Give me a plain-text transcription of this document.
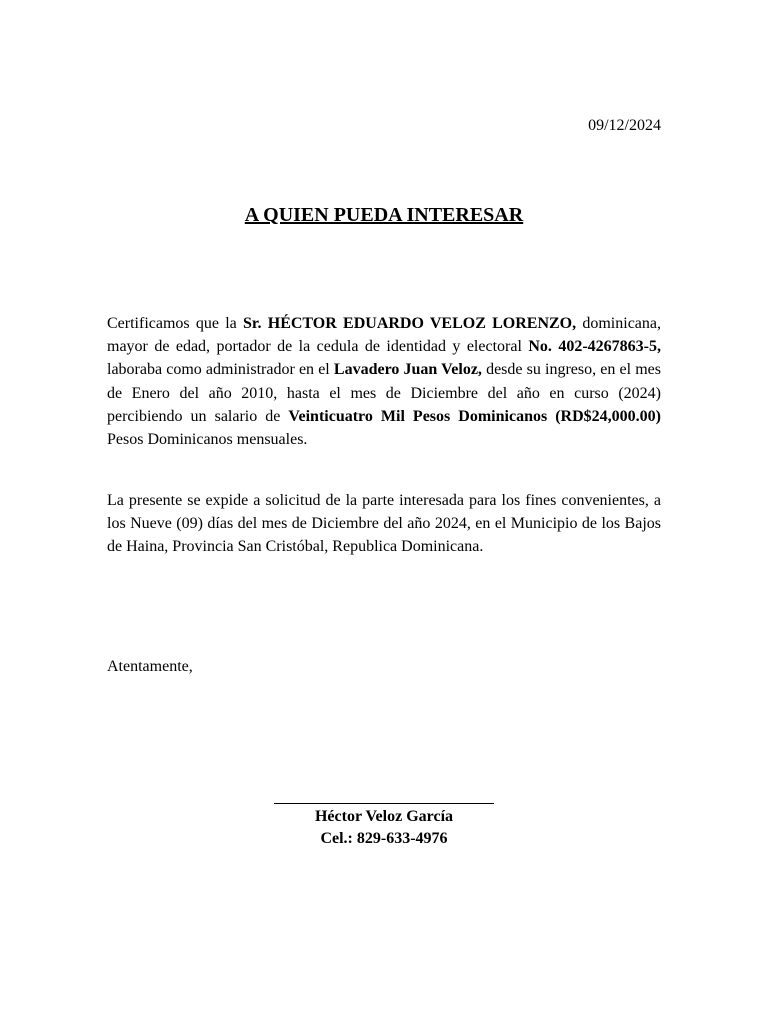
09/12/2024
A QUIEN PUEDA INTERESAR

Certificamos que la Sr. HÉCTOR EDUARDO VELOZ LORENZO, dominicana, mayor de edad, portador de la cedula de identidad y electoral No. 402-4267863-5, laboraba como administrador en el Lavadero Juan Veloz, desde su ingreso, en el mes de Enero del año 2010, hasta el mes de Diciembre del año en curso (2024) percibiendo un salario de Veinticuatro Mil Pesos Dominicanos (RD$24,000.00) Pesos Dominicanos mensuales.

La presente se expide a solicitud de la parte interesada para los fines convenientes, a los Nueve (09) días del mes de Diciembre del año 2024, en el Municipio de los Bajos de Haina, Provincia San Cristóbal, Republica Dominicana.

Atentamente,
Héctor Veloz García
Cel.: 829-633-4976
